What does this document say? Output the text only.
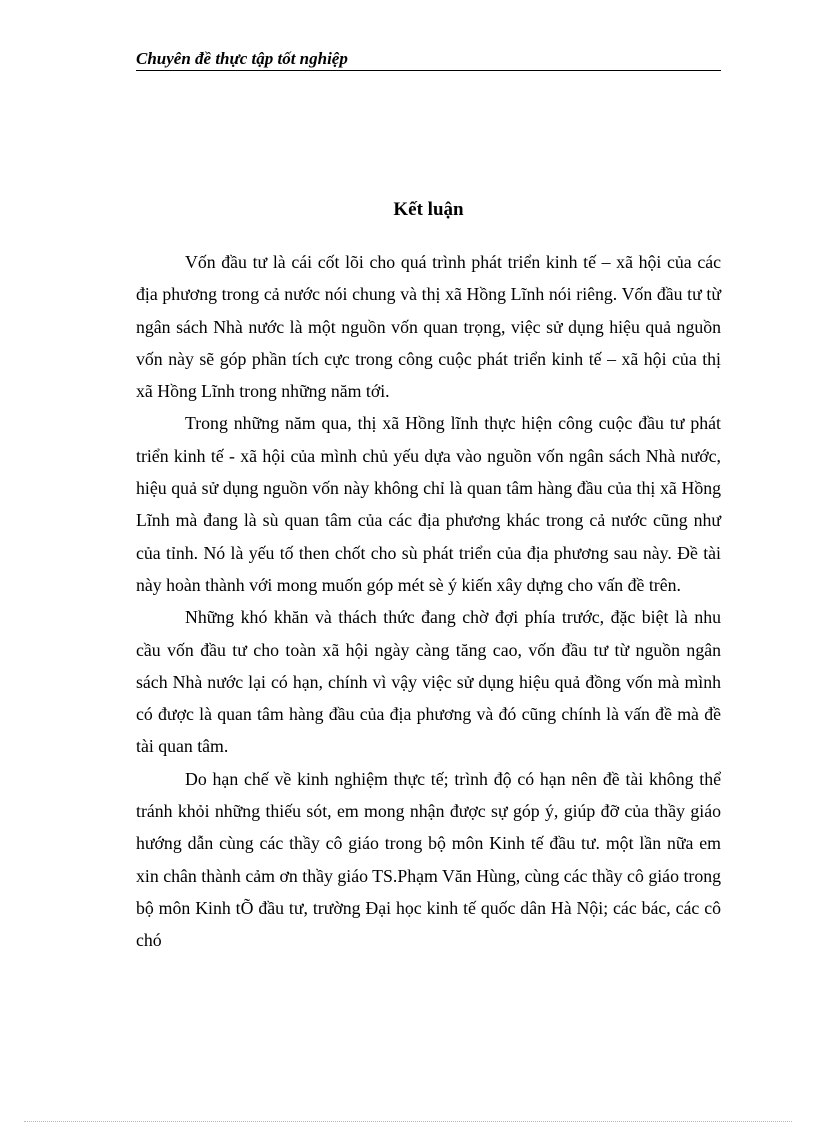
Chuyên đề thực tập tốt nghiệp
Kết luận

Vốn đầu tư là cái cốt lõi cho quá trình phát triển kinh tế – xã hội của các địa phương trong cả nước nói chung và thị xã Hồng Lĩnh nói riêng. Vốn đầu tư từ ngân sách Nhà nước là một nguồn vốn quan trọng, việc sử dụng hiệu quả nguồn vốn này sẽ góp phần tích cực trong công cuộc phát triển kinh tế – xã hội của thị xã Hồng Lĩnh trong những năm tới.

Trong những năm qua, thị xã Hồng lĩnh thực hiện công cuộc đầu tư phát triển kinh tế - xã hội của mình chủ yếu dựa vào nguồn vốn ngân sách Nhà nước, hiệu quả sử dụng nguồn vốn này không chỉ là quan tâm hàng đầu của thị xã Hồng Lĩnh mà đang là sù quan tâm của các địa phương khác trong cả nước cũng như của tỉnh. Nó là yếu tố then chốt cho sù phát triển của địa phương sau này. Đề tài này hoàn thành với mong muốn góp mét sè ý kiến xây dựng cho vấn đề trên.

Những khó khăn và thách thức đang chờ đợi phía trước, đặc biệt là nhu cầu vốn đầu tư cho toàn xã hội ngày càng tăng cao, vốn đầu tư từ nguồn ngân sách Nhà nước lại có hạn, chính vì vậy việc sử dụng hiệu quả đồng vốn mà mình có được là quan tâm hàng đầu của địa phương và đó cũng chính là vấn đề mà đề tài quan tâm.

Do hạn chế về kinh nghiệm thực tế; trình độ có hạn nên đề tài không thể tránh khỏi những thiếu sót, em mong nhận được sự góp ý, giúp đỡ của thầy giáo hướng dẫn cùng các thầy cô giáo trong bộ môn Kinh tế đầu tư. một lần nữa em xin chân thành cảm ơn thầy giáo TS.Phạm Văn Hùng, cùng các thầy cô giáo trong bộ môn Kinh tÕ đầu tư, trường Đại học kinh tế quốc dân Hà Nội; các bác, các cô chó
